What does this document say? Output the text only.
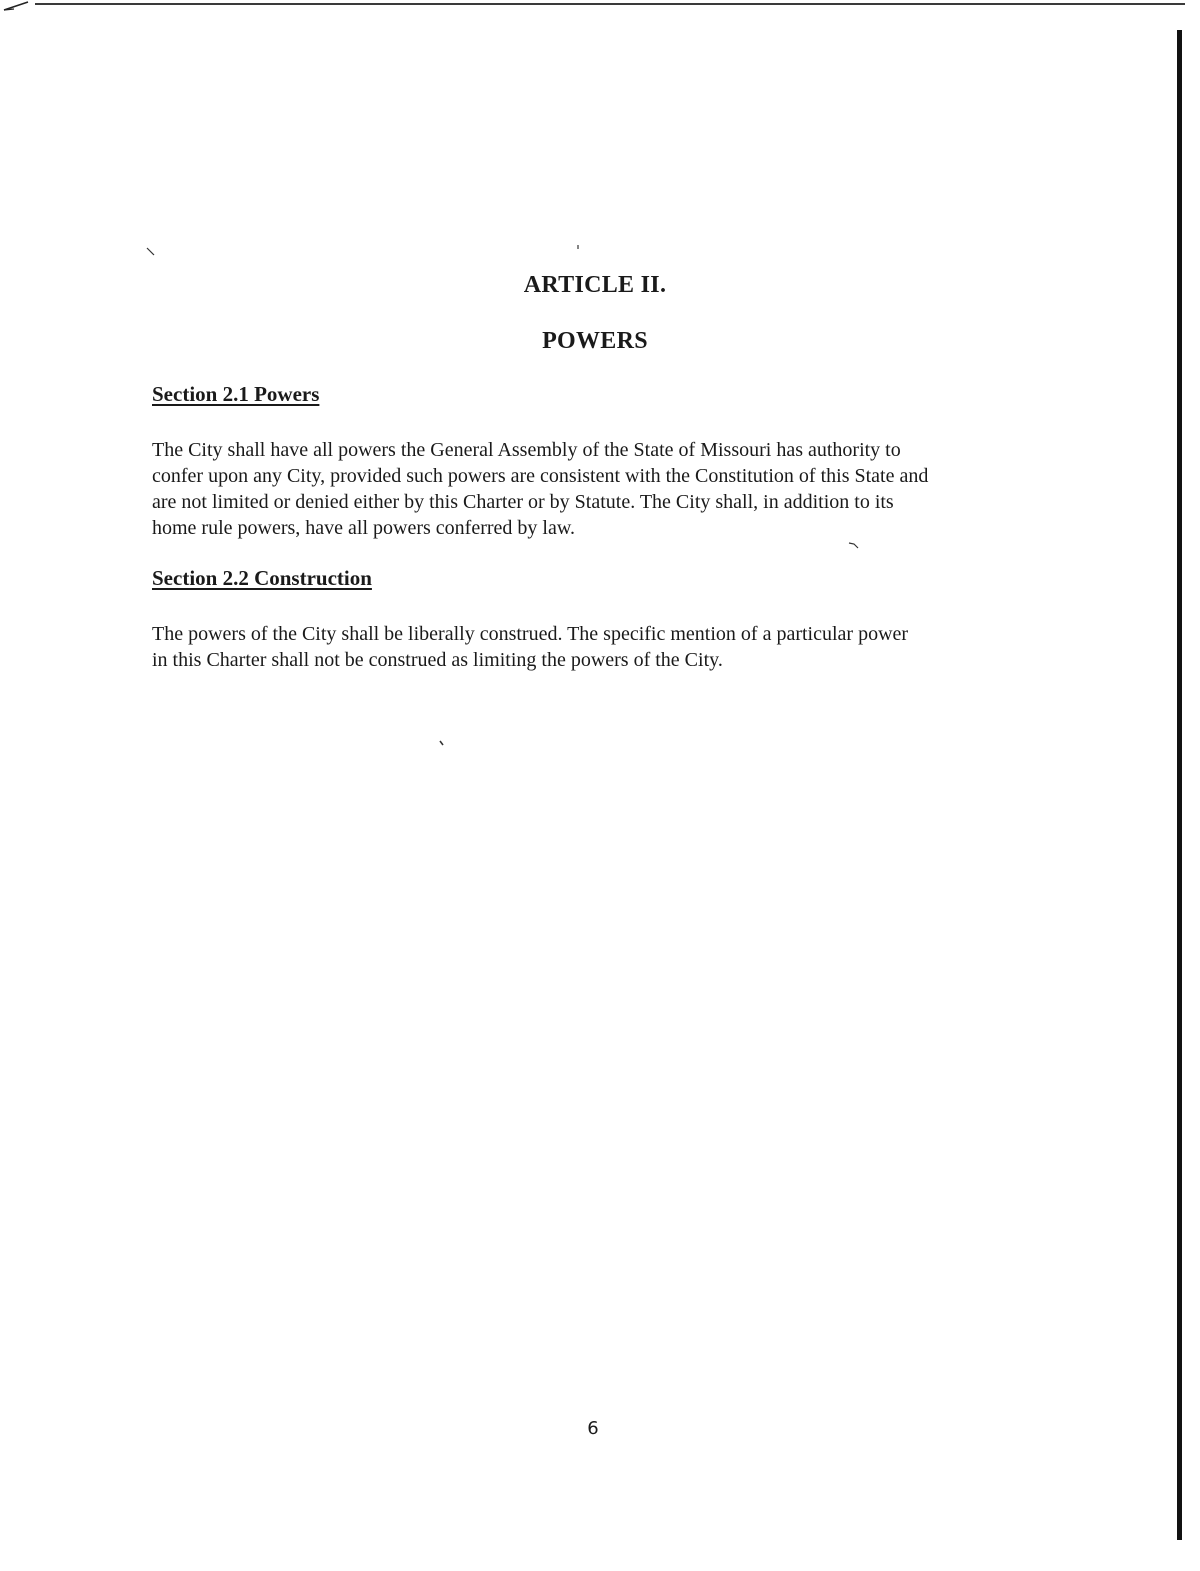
ARTICLE II.
POWERS
Section 2.1 Powers
The City shall have all powers the General Assembly of the State of Missouri has authority to
confer upon any City, provided such powers are consistent with the Constitution of this State and
are not limited or denied either by this Charter or by Statute. The City shall, in addition to its
home rule powers, have all powers conferred by law.
Section 2.2 Construction
The powers of the City shall be liberally construed. The specific mention of a particular power
in this Charter shall not be construed as limiting the powers of the City.
6
